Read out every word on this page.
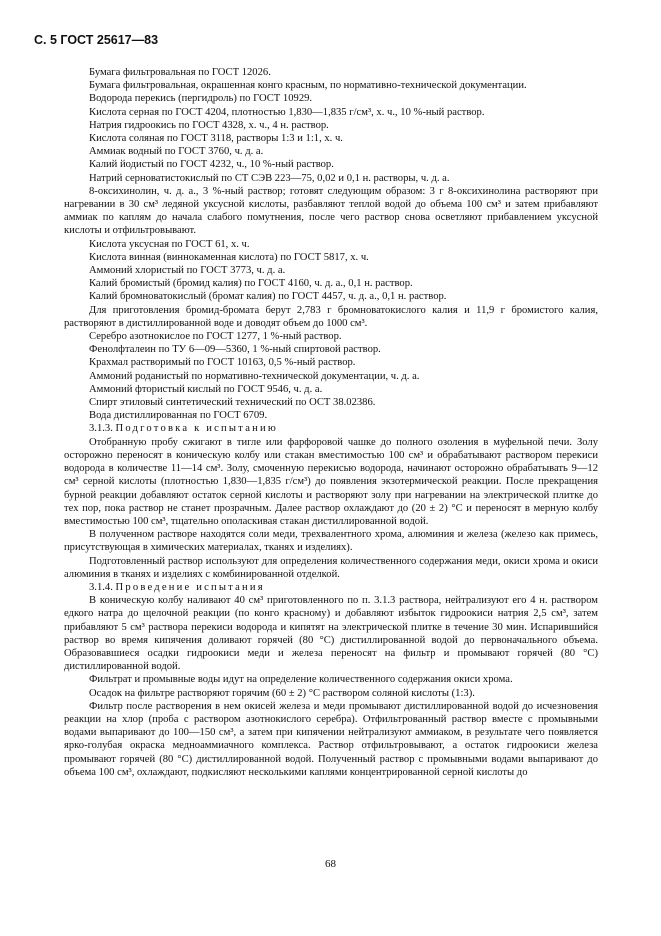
С. 5 ГОСТ 25617—83

Бумага фильтровальная по ГОСТ 12026.

Бумага фильтровальная, окрашенная конго красным, по нормативно-технической документации.

Водорода перекись (пергидроль) по ГОСТ 10929.

Кислота серная по ГОСТ 4204, плотностью 1,830—1,835 г/см³, х. ч., 10 %-ный раствор.

Натрия гидроокись по ГОСТ 4328, х. ч., 4 н. раствор.

Кислота соляная по ГОСТ 3118, растворы 1:3 и 1:1, х. ч.

Аммиак водный по ГОСТ 3760, ч. д. а.

Калий йодистый по ГОСТ 4232, ч., 10 %-ный раствор.

Натрий серноватистокислый по СТ СЭВ 223—75, 0,02 и 0,1 н. растворы, ч. д. а.

8-оксихинолин, ч. д. а., 3 %-ный раствор; готовят следующим образом: 3 г 8-оксихинолина растворяют при нагревании в 30 см³ ледяной уксусной кислоты, разбавляют теплой водой до объема 100 см³ и затем прибавляют аммиак по каплям до начала слабого помутнения, после чего раствор снова осветляют прибавлением уксусной кислоты и отфильтровывают.

Кислота уксусная по ГОСТ 61, х. ч.

Кислота винная (виннокаменная кислота) по ГОСТ 5817, х. ч.

Аммоний хлористый по ГОСТ 3773, ч. д. а.

Калий бромистый (бромид калия) по ГОСТ 4160, ч. д. а., 0,1 н. раствор.

Калий бромноватокислый (бромат калия) по ГОСТ 4457, ч. д. а., 0,1 н. раствор.

Для приготовления бромид-бромата берут 2,783 г бромноватокислого калия и 11,9 г бромистого калия, растворяют в дистиллированной воде и доводят объем до 1000 см³.

Серебро азотнокислое по ГОСТ 1277, 1 %-ный раствор.

Фенолфталеин по ТУ 6—09—5360, 1 %-ный спиртовой раствор.

Крахмал растворимый по ГОСТ 10163, 0,5 %-ный раствор.

Аммоний роданистый по нормативно-технической документации, ч. д. а.

Аммоний фтористый кислый по ГОСТ 9546, ч. д. а.

Спирт этиловый синтетический технический по ОСТ 38.02386.

Вода дистиллированная по ГОСТ 6709.

3.1.3. Подготовка к испытанию

Отобранную пробу сжигают в тигле или фарфоровой чашке до полного озоления в муфельной печи. Золу осторожно переносят в коническую колбу или стакан вместимостью 100 см³ и обрабатывают раствором перекиси водорода в количестве 11—14 см³. Золу, смоченную перекисью водорода, начинают осторожно обрабатывать 9—12 см³ серной кислоты (плотностью 1,830—1,835 г/см³) до появления экзотермической реакции. После прекращения бурной реакции добавляют остаток серной кислоты и растворяют золу при нагревании на электрической плитке до тех пор, пока раствор не станет прозрачным. Далее раствор охлаждают до (20 ± 2) °С и переносят в мерную колбу вместимостью 100 см³, тщательно ополаскивая стакан дистиллированной водой.

В полученном растворе находятся соли меди, трехвалентного хрома, алюминия и железа (железо как примесь, присутствующая в химических материалах, тканях и изделиях).

Подготовленный раствор используют для определения количественного содержания меди, окиси хрома и окиси алюминия в тканях и изделиях с комбинированной отделкой.

3.1.4. Проведение испытания

В коническую колбу наливают 40 см³ приготовленного по п. 3.1.3 раствора, нейтрализуют его 4 н. раствором едкого натра до щелочной реакции (по конго красному) и добавляют избыток гидроокиси натрия 2,5 см³, затем прибавляют 5 см³ раствора перекиси водорода и кипятят на электрической плитке в течение 30 мин. Испарившийся раствор во время кипячения доливают горячей (80 °С) дистиллированной водой до первоначального объема. Образовавшиеся осадки гидроокиси меди и железа переносят на фильтр и промывают горячей (80 °С) дистиллированной водой.

Фильтрат и промывные воды идут на определение количественного содержания окиси хрома.

Осадок на фильтре растворяют горячим (60 ± 2) °С раствором соляной кислоты (1:3).

Фильтр после растворения в нем окисей железа и меди промывают дистиллированной водой до исчезновения реакции на хлор (проба с раствором азотнокислого серебра). Отфильтрованный раствор вместе с промывными водами выпаривают до 100—150 см³, а затем при кипячении нейтрализуют аммиаком, в результате чего появляется ярко-голубая окраска медноаммиачного комплекса. Раствор отфильтровывают, а остаток гидроокиси железа промывают горячей (80 °С) дистиллированной водой. Полученный раствор с промывными водами выпаривают до объема 100 см³, охлаждают, подкисляют несколькими каплями концентрированной серной кислоты до

68
